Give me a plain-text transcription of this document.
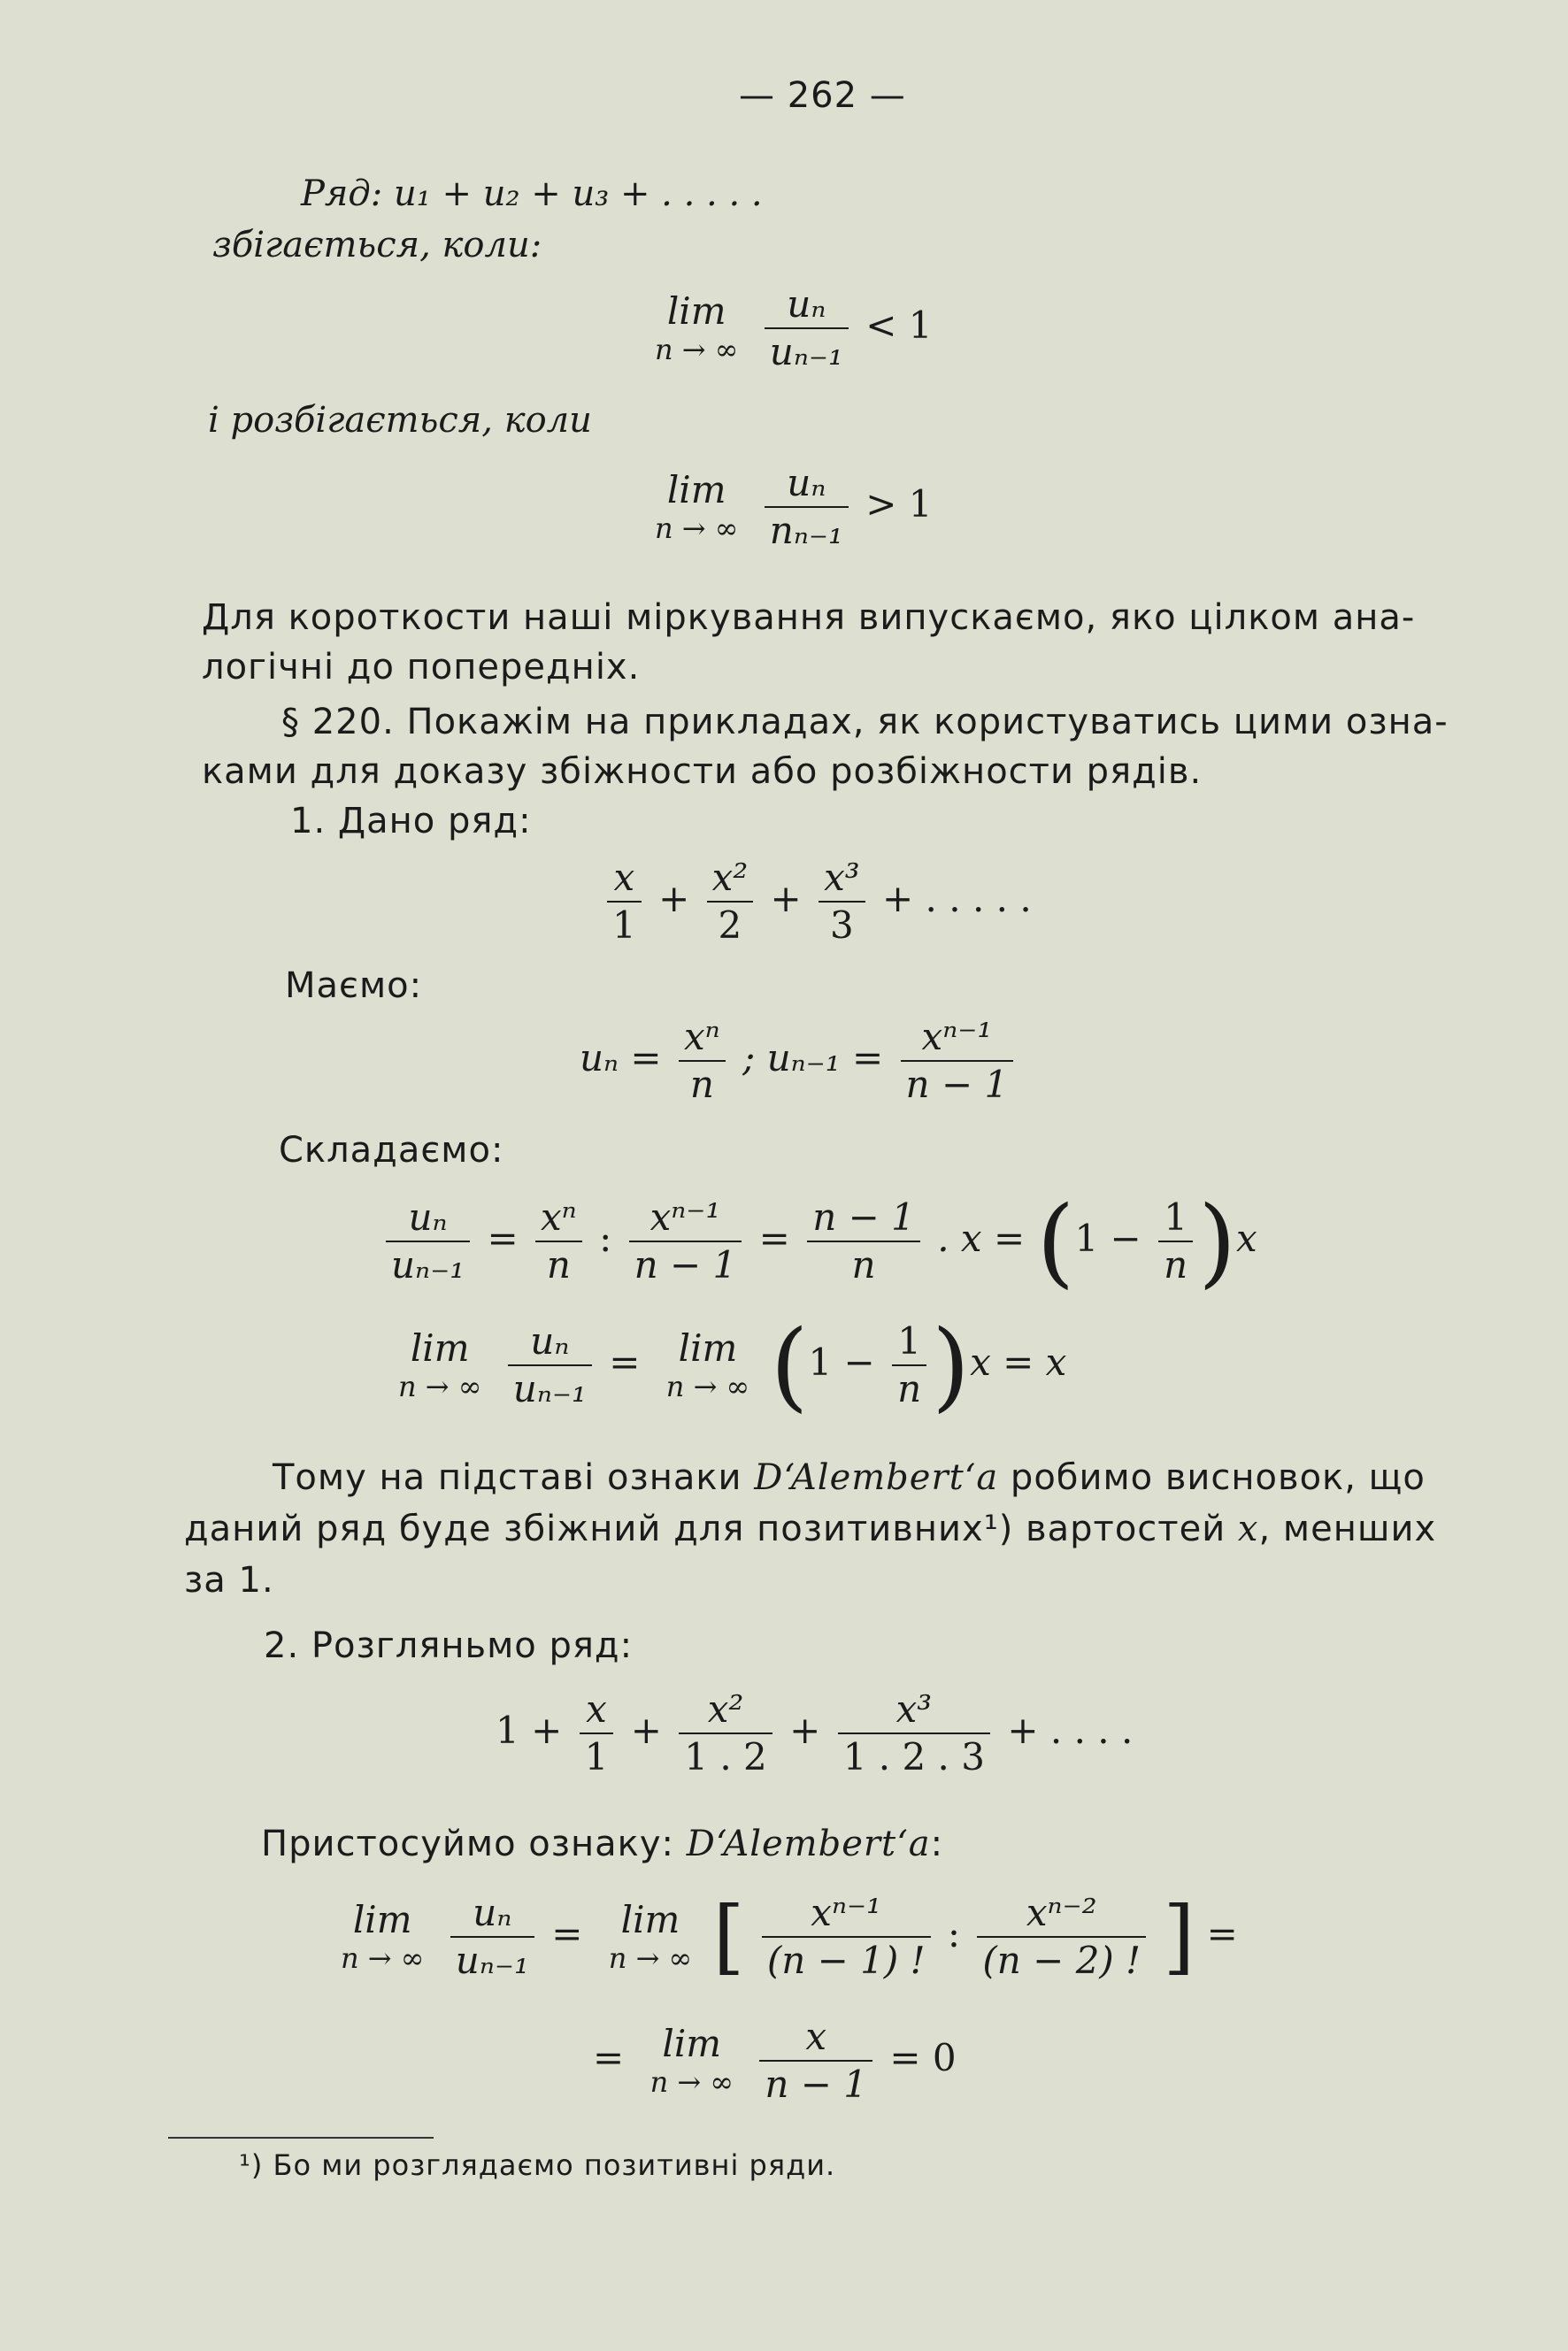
— 262 —
Ряд: u₁ + u₂ + u₃ + . . . . .
збігається, коли:
lim
n → ∞
$\frac{\text{uₙ}}{\text{uₙ₋₁}} < 1$
і розбігається, коли
lim
n → ∞
$\frac{\text{uₙ}}{\text{nₙ₋₁}} > 1$
Для короткости наші міркування випускаємо, яко цілком ана-
логічні до попередніх.
§ 220. Покажім на прикладах, як користуватись цими озна-
ками для доказу збіжности або розбіжности рядів.
1. Дано ряд:
$\frac{x}{1} + \frac{\text{x²}}{2} + \frac{\text{x³}}{3}$ + . . . . .
Маємо:
$u_n = \frac{\text{xⁿ}}{n}$ ; $u_{n-1} = \frac{\text{xⁿ⁻¹}}{n - 1}$
Складаємо:
$\frac{\text{uₙ}}{\text{uₙ₋₁}} = \frac{\text{xⁿ}}{n}$ : $\frac{\text{xⁿ⁻¹}}{n - 1} = \frac{n - 1}{n}$ . $x = (1 - \frac{1}{n} )x$
lim
n → ∞
$\frac{\text{uₙ}}{\text{uₙ₋₁}}$ =	lim
n → ∞ $(1 - \frac{1}{n} )x = x$
Тому на підставі ознаки D‘Alembert‘a робимо висновок, що
даний ряд буде збіжний для позитивних¹) вартостей x, менших
за 1.
2. Розгляньмо ряд:
$1 + \frac{x}{1} + \frac{\text{x²}}{1 . 2} + \frac{\text{x³}}{1 . 2 . 3}$ + . . . .
Пристосуймо ознаку: D‘Alembert‘a:
lim
n → ∞
$\frac{\text{uₙ}}{\text{uₙ₋₁}}$ =	lim
n → ∞ [ $\frac{\text{xⁿ⁻¹}}{(n - 1) !}$ : $\frac{\text{xⁿ⁻²}}{(n - 2) !}$ ] =
=	lim
n → ∞
$\frac{x}{n - 1} = 0$
¹) Бо ми розглядаємо позитивні ряди.
